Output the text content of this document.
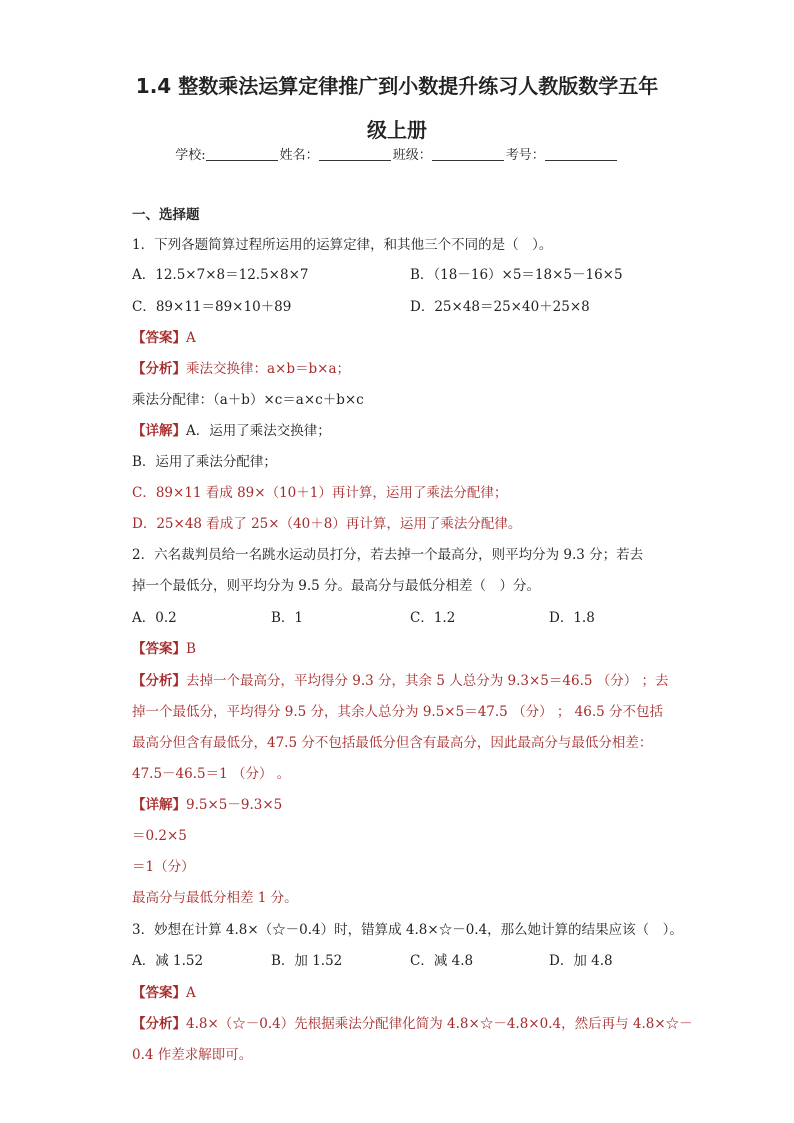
1.4 整数乘法运算定律推广到小数提升练习人教版数学五年
级上册
学校:	姓名：	班级：	考号：
一、选择题
1．下列各题简算过程所运用的运算定律，和其他三个不同的是（　）。
A．12.5×7×8＝12.5×8×7	B．（18－16）×5＝18×5－16×5
C．89×11＝89×10＋89	D．25×48＝25×40＋25×8
【答案】A
【分析】乘法交换律：a×b＝b×a；
乘法分配律：（a＋b）×c＝a×c＋b×c
【详解】A．运用了乘法交换律；
B．运用了乘法分配律；
C．89×11 看成 89×（10＋1）再计算，运用了乘法分配律；
D．25×48 看成了 25×（40＋8）再计算，运用了乘法分配律。
2．六名裁判员给一名跳水运动员打分，若去掉一个最高分，则平均分为 9.3 分；若去
掉一个最低分，则平均分为 9.5 分。最高分与最低分相差（　）分。
A．0.2	B．1	C．1.2	D．1.8
【答案】B
【分析】去掉一个最高分，平均得分 9.3 分，其余 5 人总分为 9.3×5＝46.5 （分） ；去
掉一个最低分，平均得分 9.5 分，其余人总分为 9.5×5＝47.5 （分） ； 46.5 分不包括
最高分但含有最低分，47.5 分不包括最低分但含有最高分，因此最高分与最低分相差：
47.5－46.5＝1 （分） 。
【详解】9.5×5－9.3×5
＝0.2×5
＝1（分）
最高分与最低分相差 1 分。
3．妙想在计算 4.8×（☆－0.4）时，错算成 4.8×☆－0.4，那么她计算的结果应该（　）。
A．减 1.52	B．加 1.52	C．减 4.8	D．加 4.8
【答案】A
【分析】4.8×（☆－0.4）先根据乘法分配律化简为 4.8×☆－4.8×0.4，然后再与 4.8×☆－
0.4 作差求解即可。
